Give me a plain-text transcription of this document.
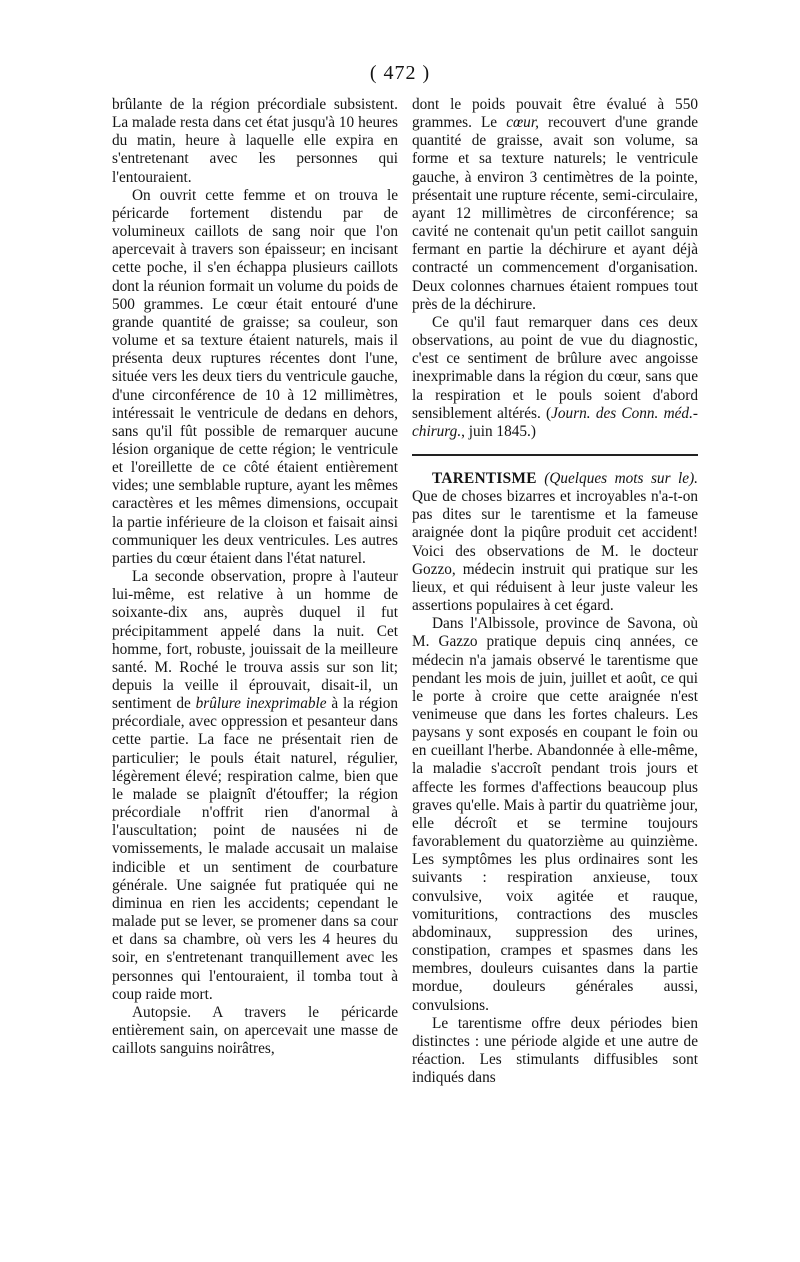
( 472 )

brûlante de la région précordiale subsistent. La malade resta dans cet état jusqu'à 10 heures du matin, heure à laquelle elle expira en s'entretenant avec les personnes qui l'entouraient.

On ouvrit cette femme et on trouva le péricarde fortement distendu par de volumineux caillots de sang noir que l'on apercevait à travers son épaisseur; en incisant cette poche, il s'en échappa plusieurs caillots dont la réunion formait un volume du poids de 500 grammes. Le cœur était entouré d'une grande quantité de graisse; sa couleur, son volume et sa texture étaient naturels, mais il présenta deux ruptures récentes dont l'une, située vers les deux tiers du ventricule gauche, d'une circonférence de 10 à 12 millimètres, intéressait le ventricule de dedans en dehors, sans qu'il fût possible de remarquer aucune lésion organique de cette région; le ventricule et l'oreillette de ce côté étaient entièrement vides; une semblable rupture, ayant les mêmes caractères et les mêmes dimensions, occupait la partie inférieure de la cloison et faisait ainsi communiquer les deux ventricules. Les autres parties du cœur étaient dans l'état naturel.

La seconde observation, propre à l'auteur lui-même, est relative à un homme de soixante-dix ans, auprès duquel il fut précipitamment appelé dans la nuit. Cet homme, fort, robuste, jouissait de la meilleure santé. M. Roché le trouva assis sur son lit; depuis la veille il éprouvait, disait-il, un sentiment de brûlure inexprimable à la région précordiale, avec oppression et pesanteur dans cette partie. La face ne présentait rien de particulier; le pouls était naturel, régulier, légèrement élevé; respiration calme, bien que le malade se plaignît d'étouffer; la région précordiale n'offrit rien d'anormal à l'auscultation; point de nausées ni de vomissements, le malade accusait un malaise indicible et un sentiment de courbature générale. Une saignée fut pratiquée qui ne diminua en rien les accidents; cependant le malade put se lever, se promener dans sa cour et dans sa chambre, où vers les 4 heures du soir, en s'entretenant tranquillement avec les personnes qui l'entouraient, il tomba tout à coup raide mort.

Autopsie. A travers le péricarde entièrement sain, on apercevait une masse de caillots sanguins noirâtres,

dont le poids pouvait être évalué à 550 grammes. Le cœur, recouvert d'une grande quantité de graisse, avait son volume, sa forme et sa texture naturels; le ventricule gauche, à environ 3 centimètres de la pointe, présentait une rupture récente, semi-circulaire, ayant 12 millimètres de circonférence; sa cavité ne contenait qu'un petit caillot sanguin fermant en partie la déchirure et ayant déjà contracté un commencement d'organisation. Deux colonnes charnues étaient rompues tout près de la déchirure.

Ce qu'il faut remarquer dans ces deux observations, au point de vue du diagnostic, c'est ce sentiment de brûlure avec angoisse inexprimable dans la région du cœur, sans que la respiration et le pouls soient d'abord sensiblement altérés. (Journ. des Conn. méd.-chirurg., juin 1845.)

TARENTISME (Quelques mots sur le). Que de choses bizarres et incroyables n'a-t-on pas dites sur le tarentisme et la fameuse araignée dont la piqûre produit cet accident! Voici des observations de M. le docteur Gozzo, médecin instruit qui pratique sur les lieux, et qui réduisent à leur juste valeur les assertions populaires à cet égard.

Dans l'Albissole, province de Savona, où M. Gazzo pratique depuis cinq années, ce médecin n'a jamais observé le tarentisme que pendant les mois de juin, juillet et août, ce qui le porte à croire que cette araignée n'est venimeuse que dans les fortes chaleurs. Les paysans y sont exposés en coupant le foin ou en cueillant l'herbe. Abandonnée à elle-même, la maladie s'accroît pendant trois jours et affecte les formes d'affections beaucoup plus graves qu'elle. Mais à partir du quatrième jour, elle décroît et se termine toujours favorablement du quatorzième au quinzième. Les symptômes les plus ordinaires sont les suivants : respiration anxieuse, toux convulsive, voix agitée et rauque, vomituritions, contractions des muscles abdominaux, suppression des urines, constipation, crampes et spasmes dans les membres, douleurs cuisantes dans la partie mordue, douleurs générales aussi, convulsions.

Le tarentisme offre deux périodes bien distinctes : une période algide et une autre de réaction. Les stimulants diffusibles sont indiqués dans
